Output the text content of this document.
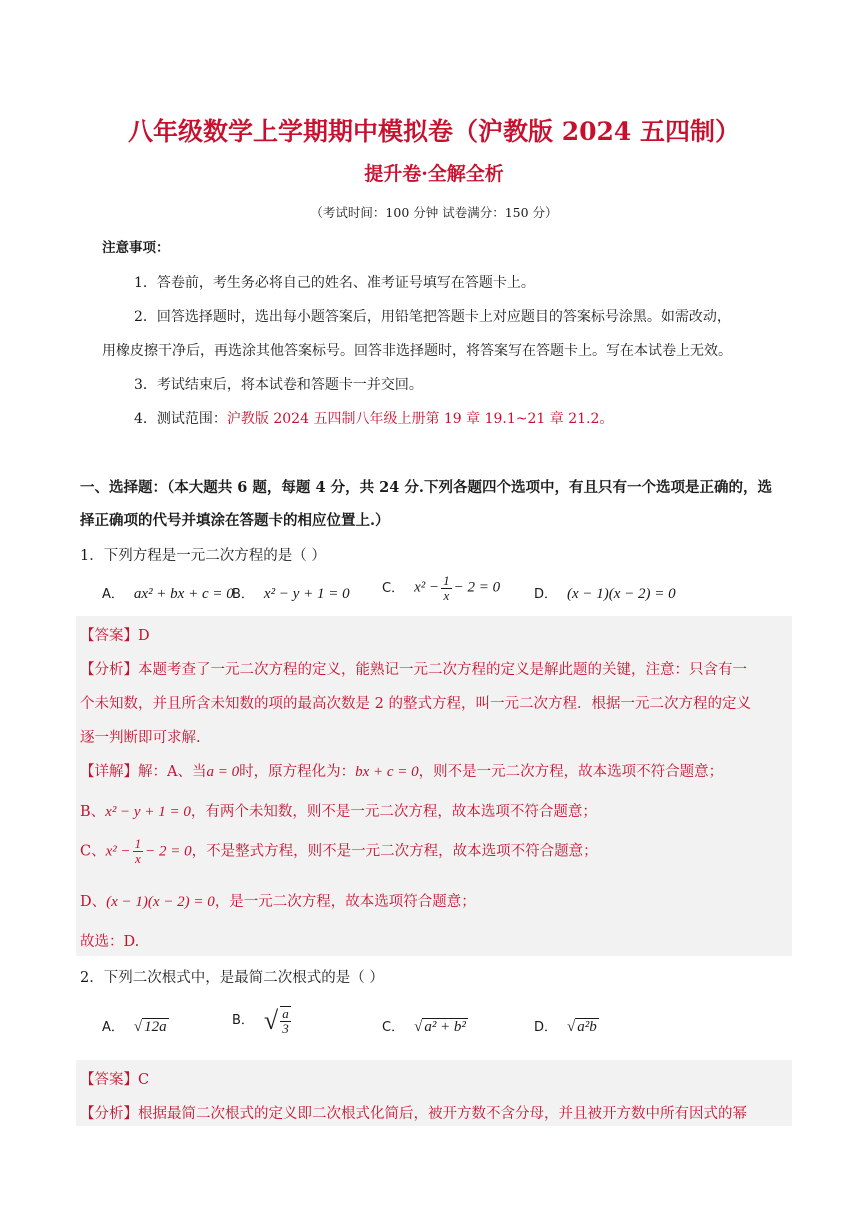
八年级数学上学期期中模拟卷（沪教版 2024 五四制）
提升卷·全解全析
（考试时间：100 分钟 试卷满分：150 分）
注意事项：
1．答卷前，考生务必将自己的姓名、准考证号填写在答题卡上。
2．回答选择题时，选出每小题答案后，用铅笔把答题卡上对应题目的答案标号涂黑。如需改动，
用橡皮擦干净后，再选涂其他答案标号。回答非选择题时，将答案写在答题卡上。写在本试卷上无效。
3．考试结束后，将本试卷和答题卡一并交回。
4．测试范围：沪教版 2024 五四制八年级上册第 19 章 19.1~21 章 21.2。
一、选择题：（本大题共 6 题，每题 4 分，共 24 分.下列各题四个选项中，有且只有一个选项是正确的，选
择正确项的代号并填涂在答题卡的相应位置上.）
1．下列方程是一元二次方程的是（ ）
A． ax² + bx + c = 0
B． x² − y + 1 = 0 C． $x^2 - \frac{1}{x} - 2 = 0$	D． (x − 1)(x − 2) = 0
【答案】D
【分析】本题考查了一元二次方程的定义，能熟记一元二次方程的定义是解此题的关键，注意：只含有一
个未知数，并且所含未知数的项的最高次数是 2 的整式方程，叫一元二次方程．根据一元二次方程的定义
逐一判断即可求解.
【详解】解：A、当a = 0时，原方程化为：bx + c = 0，则不是一元二次方程，故本选项不符合题意；
B、x² − y + 1 = 0，有两个未知数，则不是一元二次方程，故本选项不符合题意；
C、$x^2 - \frac{1}{x} - 2 = 0$，不是整式方程，则不是一元二次方程，故本选项不符合题意；
D、(x − 1)(x − 2) = 0，是一元二次方程，故本选项符合题意；
故选：D.
2．下列二次根式中，是最简二次根式的是（ ）
A． √ 12a	B． √ $\frac{a}{3}$	C． √ a² + b²	D． √ a²b
【答案】C
【分析】根据最简二次根式的定义即二次根式化简后，被开方数不含分母，并且被开方数中所有因式的幂
